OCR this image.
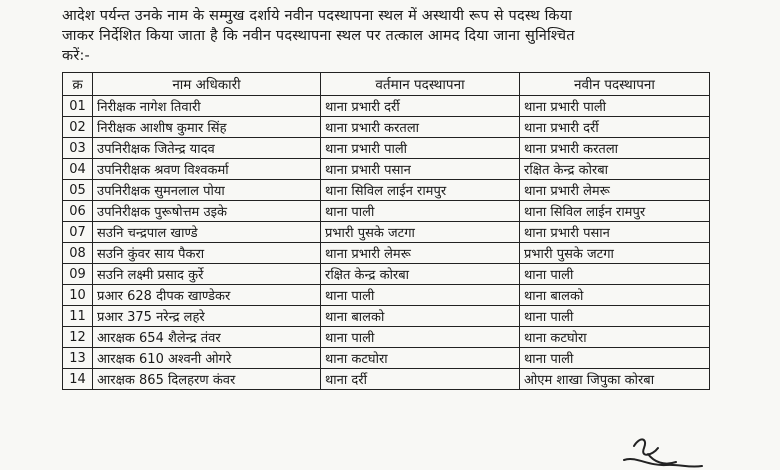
आदेश पर्यन्त उनके नाम के सम्मुख दर्शाये नवीन पदस्थापना स्थल में अस्थायी रूप से पदस्थ किया
जाकर निर्देशित किया जाता है कि नवीन पदस्थापना स्थल पर तत्काल आमद दिया जाना सुनिश्चित
करें:-
क्र	नाम अधिकारी	वर्तमान पदस्थापना	नवीन पदस्थापना
01	निरीक्षक नागेश तिवारी	थाना प्रभारी दर्री	थाना प्रभारी पाली
02	निरीक्षक आशीष कुमार सिंह	थाना प्रभारी करतला	थाना प्रभारी दर्री
03	उपनिरीक्षक जितेन्द्र यादव	थाना प्रभारी पाली	थाना प्रभारी करतला
04	उपनिरीक्षक श्रवण विश्वकर्मा	थाना प्रभारी पसान	रक्षित केन्द्र कोरबा
05	उपनिरीक्षक सुमनलाल पोया	थाना सिविल लाईन रामपुर	थाना प्रभारी लेमरू
06	उपनिरीक्षक पुरूषोत्तम उइके	थाना पाली	थाना सिविल लाईन रामपुर
07	सउनि चन्द्रपाल खाण्डे	प्रभारी पुसके जटगा	थाना प्रभारी पसान
08	सउनि कुंवर साय पैकरा	थाना प्रभारी लेमरू	प्रभारी पुसके जटगा
09	सउनि लक्ष्मी प्रसाद कुर्रे	रक्षित केन्द्र कोरबा	थाना पाली
10	प्रआर 628 दीपक खाण्डेकर	थाना पाली	थाना बालको
11	प्रआर 375 नरेन्द्र लहरे	थाना बालको	थाना पाली
12	आरक्षक 654 शैलेन्द्र तंवर	थाना पाली	थाना कटघोरा
13	आरक्षक 610 अश्वनी ओगरे	थाना कटघोरा	थाना पाली
14	आरक्षक 865 दिलहरण कंवर	थाना दर्री	ओएम शाखा जिपुका कोरबा
